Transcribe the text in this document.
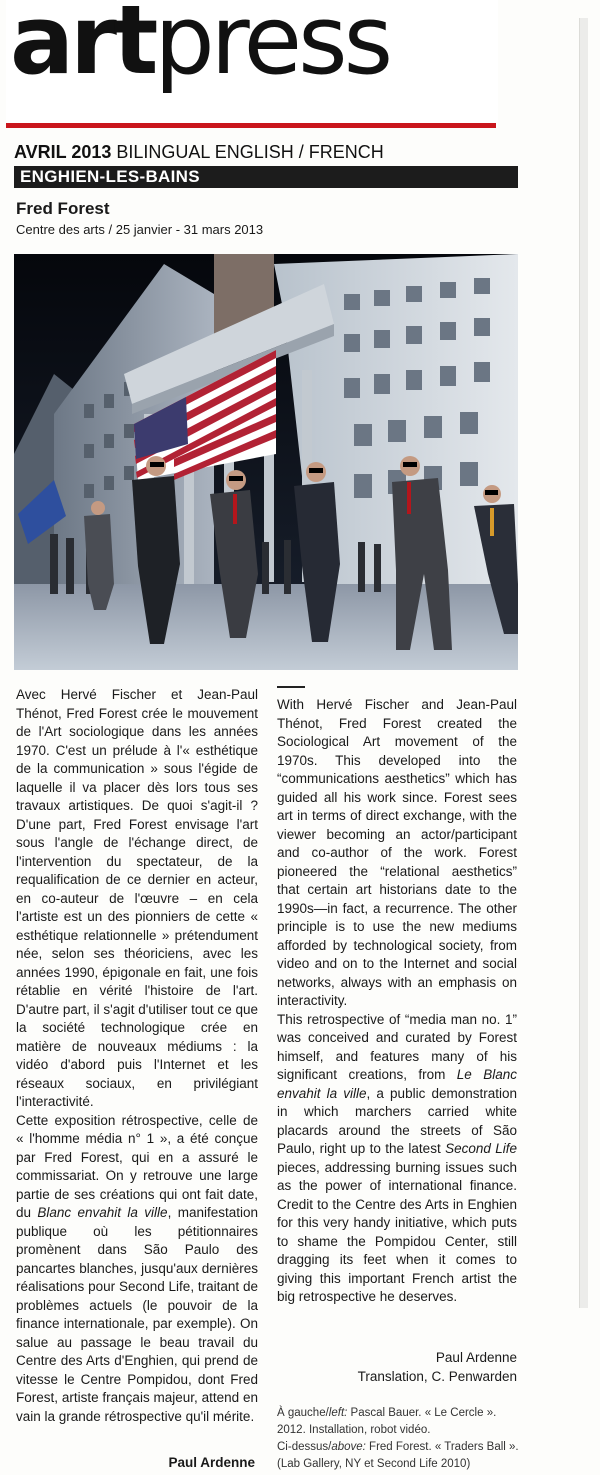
artpress
AVRIL 2013 BILINGUAL ENGLISH / FRENCH
ENGHIEN-LES-BAINS
Fred Forest
Centre des arts / 25 janvier - 31 mars 2013

Avec Hervé Fischer et Jean-Paul Thénot, Fred Forest crée le mouvement de l'Art sociologique dans les années 1970. C'est un prélude à l'« esthétique de la communication » sous l'égide de laquelle il va placer dès lors tous ses travaux artistiques. De quoi s'agit-il ? D'une part, Fred Forest envisage l'art sous l'angle de l'échange direct, de l'intervention du spectateur, de la requalification de ce dernier en acteur, en co-auteur de l'œuvre – en cela l'artiste est un des pionniers de cette « esthétique relationnelle » prétendument née, selon ses théoriciens, avec les années 1990, épigonale en fait, une fois rétablie en vérité l'histoire de l'art. D'autre part, il s'agit d'utiliser tout ce que la société technologique crée en matière de nouveaux médiums : la vidéo d'abord puis l'Internet et les réseaux sociaux, en privilégiant l'interactivité.

Cette exposition rétrospective, celle de « l'homme média n° 1 », a été conçue par Fred Forest, qui en a assuré le commissariat. On y retrouve une large partie de ses créations qui ont fait date, du Blanc envahit la ville, manifestation publique où les pétitionnaires promènent dans São Paulo des pancartes blanches, jusqu'aux dernières réalisations pour Second Life, traitant de problèmes actuels (le pouvoir de la finance internationale, par exemple). On salue au passage le beau travail du Centre des Arts d'Enghien, qui prend de vitesse le Centre Pompidou, dont Fred Forest, artiste français majeur, attend en vain la grande rétrospective qu'il mérite.

Paul Ardenne

With Hervé Fischer and Jean-Paul Thénot, Fred Forest created the Sociological Art movement of the 1970s. This developed into the “communications aesthetics” which has guided all his work since. Forest sees art in terms of direct exchange, with the viewer becoming an actor/participant and co-author of the work. Forest pioneered the “relational aesthetics” that certain art historians date to the 1990s—in fact, a recurrence. The other principle is to use the new mediums afforded by technological society, from video and on to the Internet and social networks, always with an emphasis on interactivity.

This retrospective of “media man no. 1” was conceived and curated by Forest himself, and features many of his significant creations, from Le Blanc envahit la ville, a public demonstration in which marchers carried white placards around the streets of São Paulo, right up to the latest Second Life pieces, addressing burning issues such as the power of international finance. Credit to the Centre des Arts in Enghien for this very handy initiative, which puts to shame the Pompidou Center, still dragging its feet when it comes to giving this important French artist the big retrospective he deserves.

Paul Ardenne
Translation, C. Penwarden
À gauche/left: Pascal Bauer. « Le Cercle ». 2012. Installation, robot vidéo.
Ci-dessus/above: Fred Forest. « Traders Ball ». (Lab Gallery, NY et Second Life 2010)
